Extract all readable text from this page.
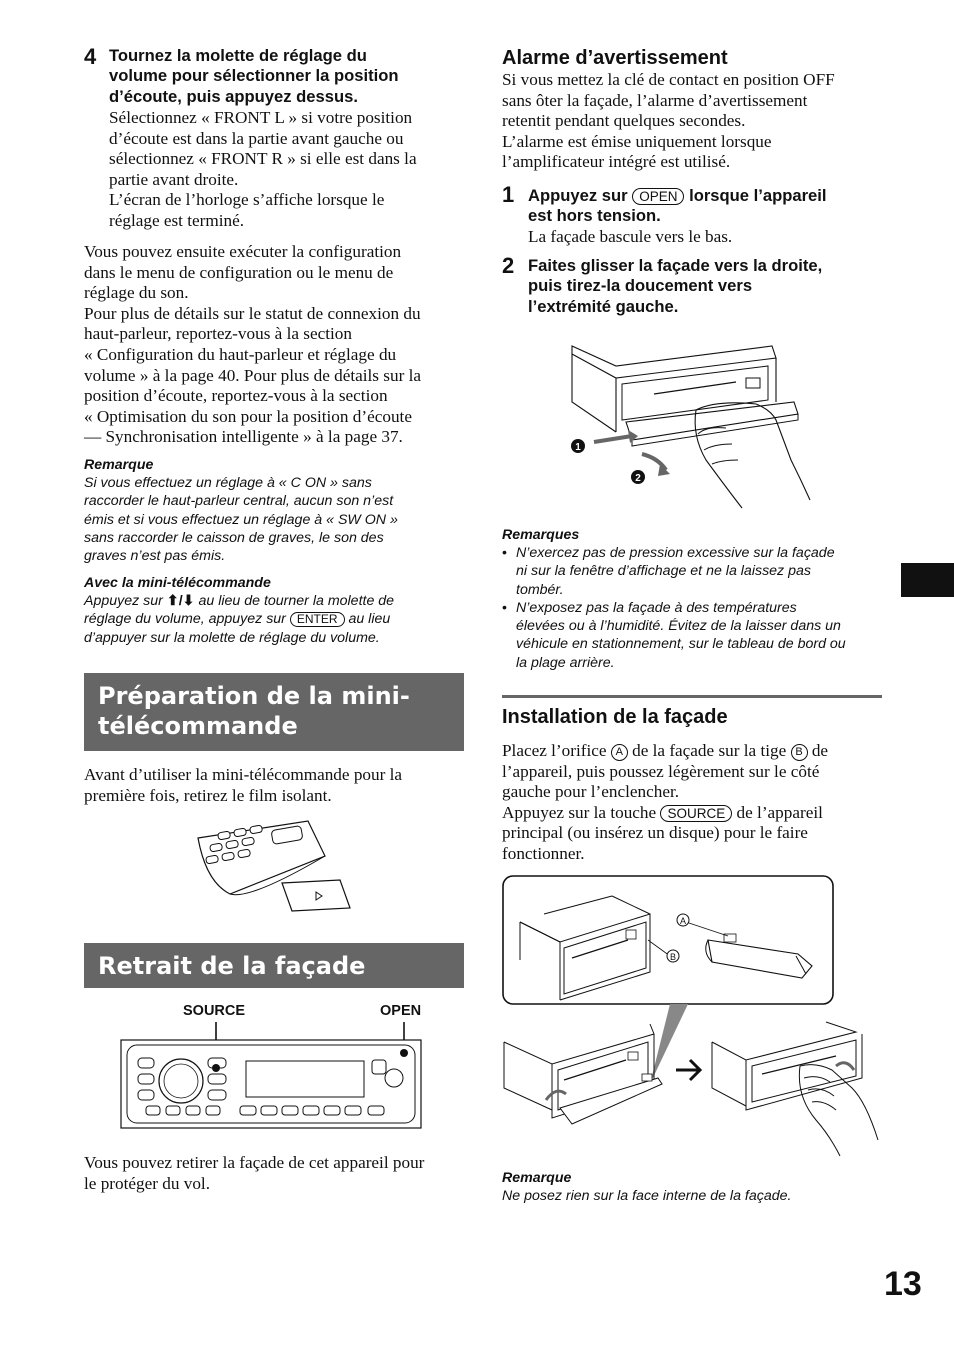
4 Tournez la molette de réglage du
volume pour sélectionner la position
d’écoute, puis appuyez dessus.
Sélectionnez « FRONT L » si votre position
d’écoute est dans la partie avant gauche ou
sélectionnez « FRONT R » si elle est dans la
partie avant droite.
L’écran de l’horloge s’affiche lorsque le
réglage est terminé.
Vous pouvez ensuite exécuter la configuration
dans le menu de configuration ou le menu de
réglage du son.
Pour plus de détails sur le statut de connexion du
haut-parleur, reportez-vous à la section
« Configuration du haut-parleur et réglage du
volume » à la page 40. Pour plus de détails sur la
position d’écoute, reportez-vous à la section
« Optimisation du son pour la position d’écoute
— Synchronisation intelligente » à la page 37.
Remarque
Si vous effectuez un réglage à « C ON » sans
raccorder le haut-parleur central, aucun son n’est
émis et si vous effectuez un réglage à « SW ON »
sans raccorder le caisson de graves, le son des
graves n’est pas émis.
Avec la mini-télécommande
Appuyez sur ⬆/⬇ au lieu de tourner la molette de
réglage du volume, appuyez sur ENTER au lieu
d’appuyer sur la molette de réglage du volume.
Préparation de la mini-
télécommande
Avant d’utiliser la mini-télécommande pour la
première fois, retirez le film isolant.
Retrait de la façade
SOURCE	OPEN
Vous pouvez retirer la façade de cet appareil pour
le protéger du vol.
Alarme d’avertissement
Si vous mettez la clé de contact en position OFF
sans ôter la façade, l’alarme d’avertissement
retentit pendant quelques secondes.
L’alarme est émise uniquement lorsque
l’amplificateur intégré est utilisé.
1 Appuyez sur OPEN lorsque l’appareil
est hors tension.
La façade bascule vers le bas.
2 Faites glisser la façade vers la droite,
puis tirez-la doucement vers
l’extrémité gauche.
1
2
Remarques
• N’exercez pas de pression excessive sur la façade
ni sur la fenêtre d’affichage et ne la laissez pas
tombér.
• N’exposez pas la façade à des températures
élevées ou à l’humidité. Évitez de la laisser dans un
véhicule en stationnement, sur le tableau de bord ou
la plage arrière.
Installation de la façade
Placez l’orifice A de la façade sur la tige B de
l’appareil, puis poussez légèrement sur le côté
gauche pour l’enclencher.
Appuyez sur la touche SOURCE de l’appareil
principal (ou insérez un disque) pour le faire
fonctionner.
A
B
Remarque
Ne posez rien sur la face interne de la façade.
13
